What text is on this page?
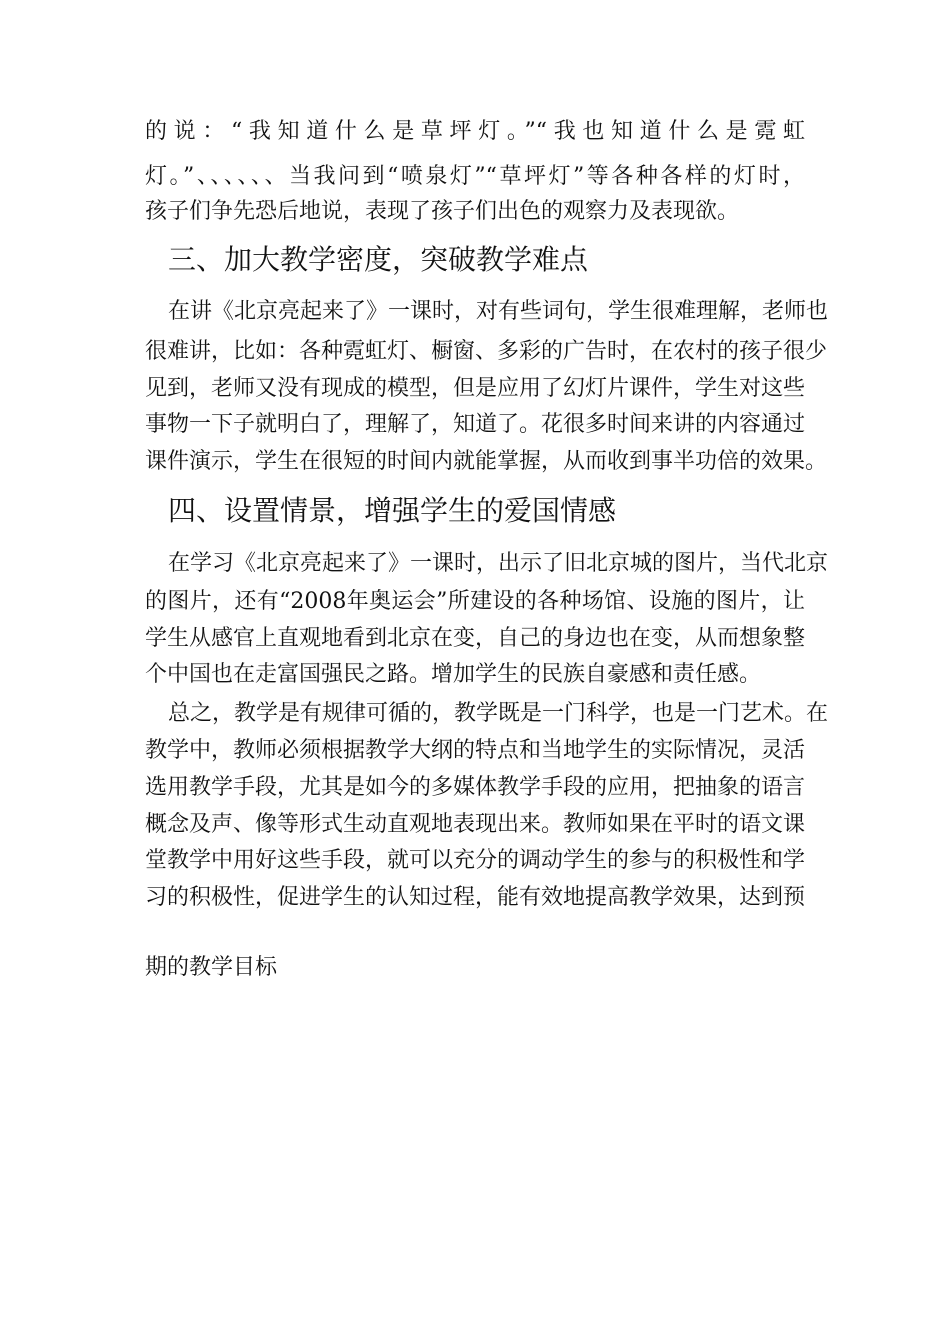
的说：“我知道什么是草坪灯。”“我也知道什么是霓虹
灯。”、、、、、、当我问到“喷泉灯”“草坪灯”等各种各样的灯时，
孩子们争先恐后地说，表现了孩子们出色的观察力及表现欲。
三、加大教学密度，突破教学难点
在讲《北京亮起来了》一课时，对有些词句，学生很难理解，老师也
很难讲，比如：各种霓虹灯、橱窗、多彩的广告时，在农村的孩子很少
见到，老师又没有现成的模型，但是应用了幻灯片课件，学生对这些
事物一下子就明白了，理解了，知道了。花很多时间来讲的内容通过
课件演示，学生在很短的时间内就能掌握，从而收到事半功倍的效果。
四、设置情景，增强学生的爱国情感
在学习《北京亮起来了》一课时，出示了旧北京城的图片，当代北京
的图片，还有“2008年奥运会”所建设的各种场馆、设施的图片，让
学生从感官上直观地看到北京在变，自己的身边也在变，从而想象整
个中国也在走富国强民之路。增加学生的民族自豪感和责任感。
总之，教学是有规律可循的，教学既是一门科学，也是一门艺术。在
教学中，教师必须根据教学大纲的特点和当地学生的实际情况，灵活
选用教学手段，尤其是如今的多媒体教学手段的应用，把抽象的语言
概念及声、像等形式生动直观地表现出来。教师如果在平时的语文课
堂教学中用好这些手段，就可以充分的调动学生的参与的积极性和学
习的积极性，促进学生的认知过程，能有效地提高教学效果，达到预
期的教学目标
